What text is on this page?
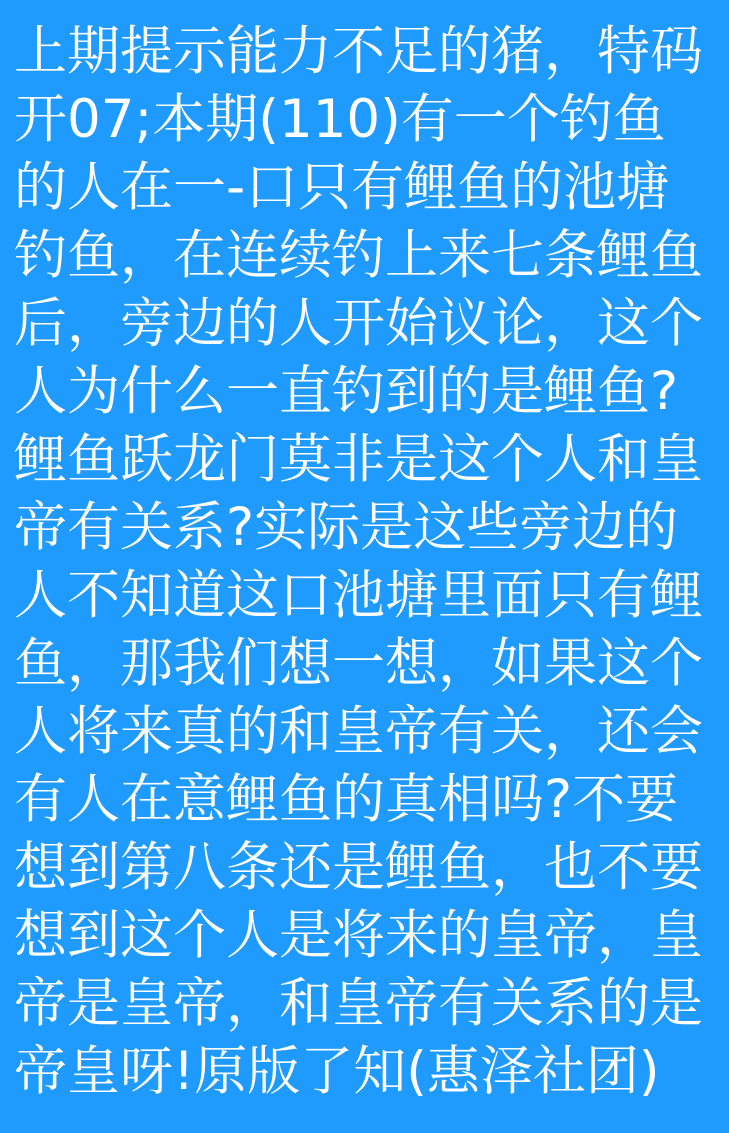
上期提示能力不足的猪，特码开07;本期(110)有一个钓鱼的人在一-口只有鲤鱼的池塘钓鱼，在连续钓上来七条鲤鱼后，旁边的人开始议论，这个人为什么一直钓到的是鲤鱼?鲤鱼跃龙门莫非是这个人和皇帝有关系?实际是这些旁边的人不知道这口池塘里面只有鲤鱼，那我们想一想，如果这个人将来真的和皇帝有关，还会有人在意鲤鱼的真相吗?不要想到第八条还是鲤鱼，也不要想到这个人是将来的皇帝，皇帝是皇帝，和皇帝有关系的是帝皇呀!原版了知(惠泽社团)
